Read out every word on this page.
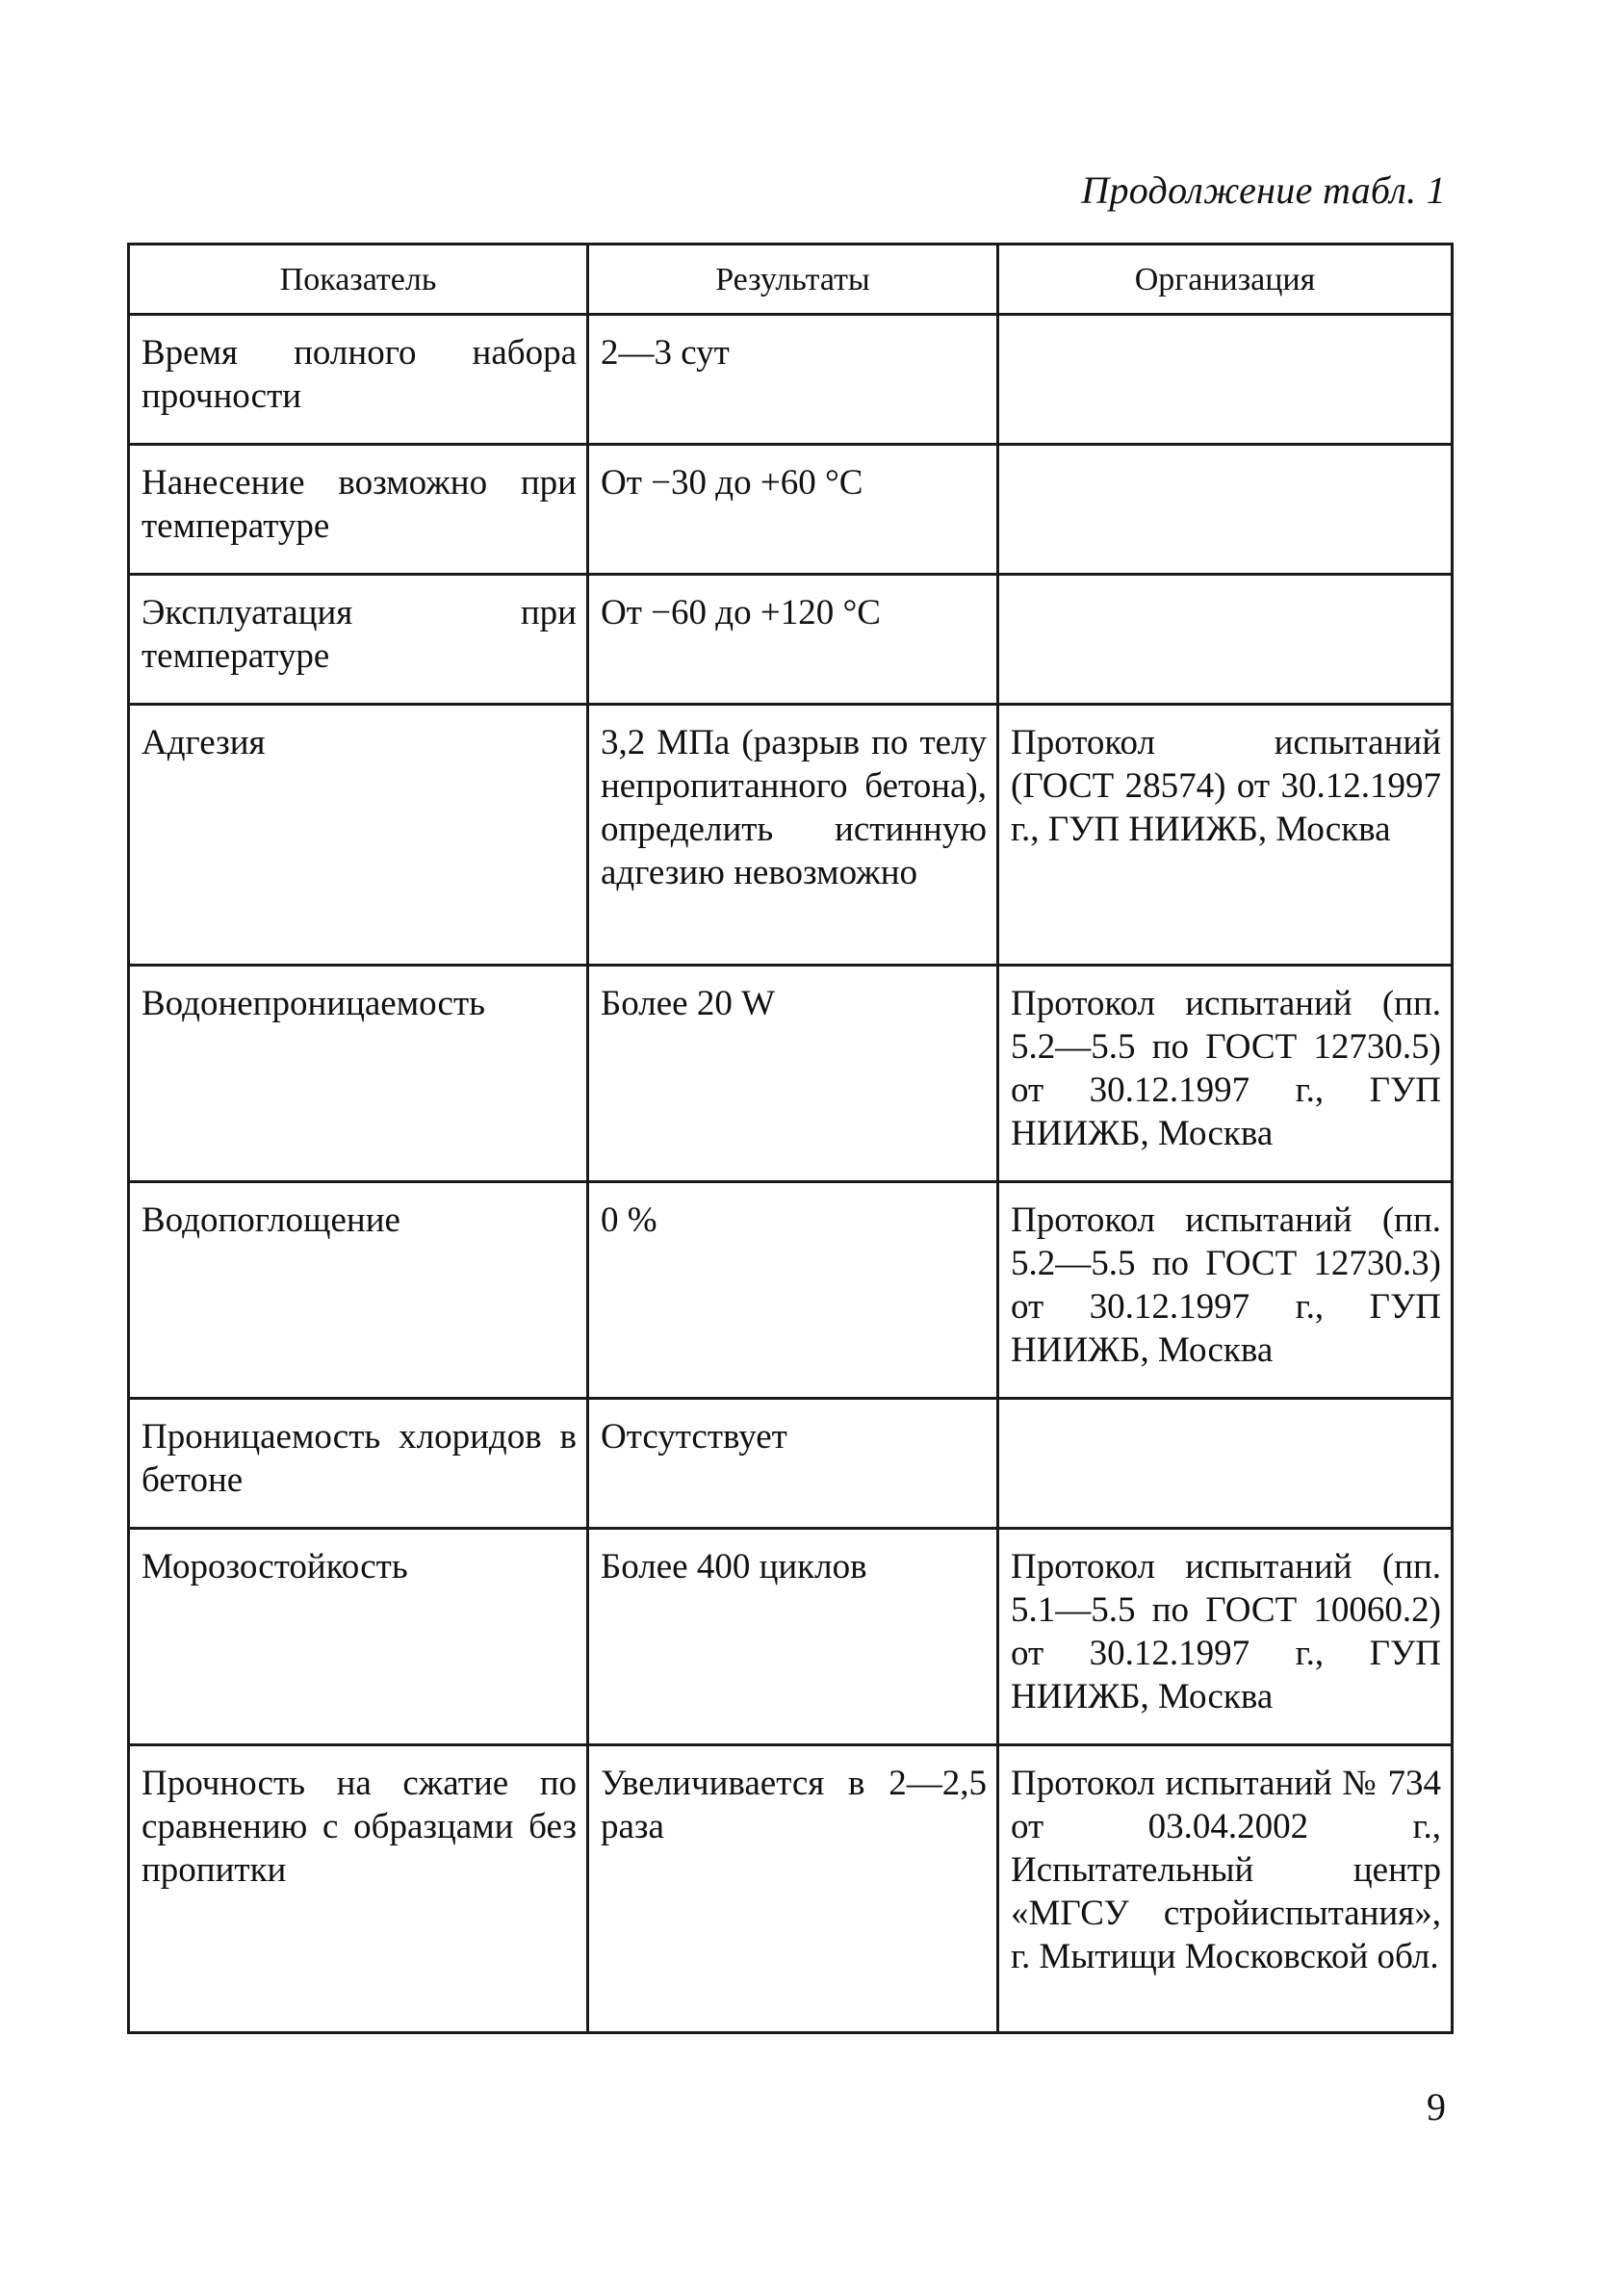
Продолжение табл. 1
Показатель	Результаты	Организация
Время полного набора прочности	2—3 сут	
Нанесение возможно при температуре	От −30 до +60 °С	
Эксплуатация при температуре	От −60 до +120 °С	
Адгезия	3,2 МПа (разрыв по телу непропитанного бетона), определить истинную адгезию невозможно	Протокол испытаний (ГОСТ 28574) от 30.12.1997 г., ГУП НИИЖБ, Москва
Водонепроницаемость	Более 20 W	Протокол испытаний (пп. 5.2—5.5 по ГОСТ 12730.5) от 30.12.1997 г., ГУП НИИЖБ, Москва
Водопоглощение	0 %	Протокол испытаний (пп. 5.2—5.5 по ГОСТ 12730.3) от 30.12.1997 г., ГУП НИИЖБ, Москва
Проницаемость хлоридов в бетоне	Отсутствует	
Морозостойкость	Более 400 циклов	Протокол испытаний (пп. 5.1—5.5 по ГОСТ 10060.2) от 30.12.1997 г., ГУП НИИЖБ, Москва
Прочность на сжатие по сравнению с образцами без пропитки	Увеличивается в 2—2,5 раза	Протокол испытаний № 734 от 03.04.2002 г., Испытательный центр «МГСУ стройиспытания», г. Мытищи Московской обл.
9
